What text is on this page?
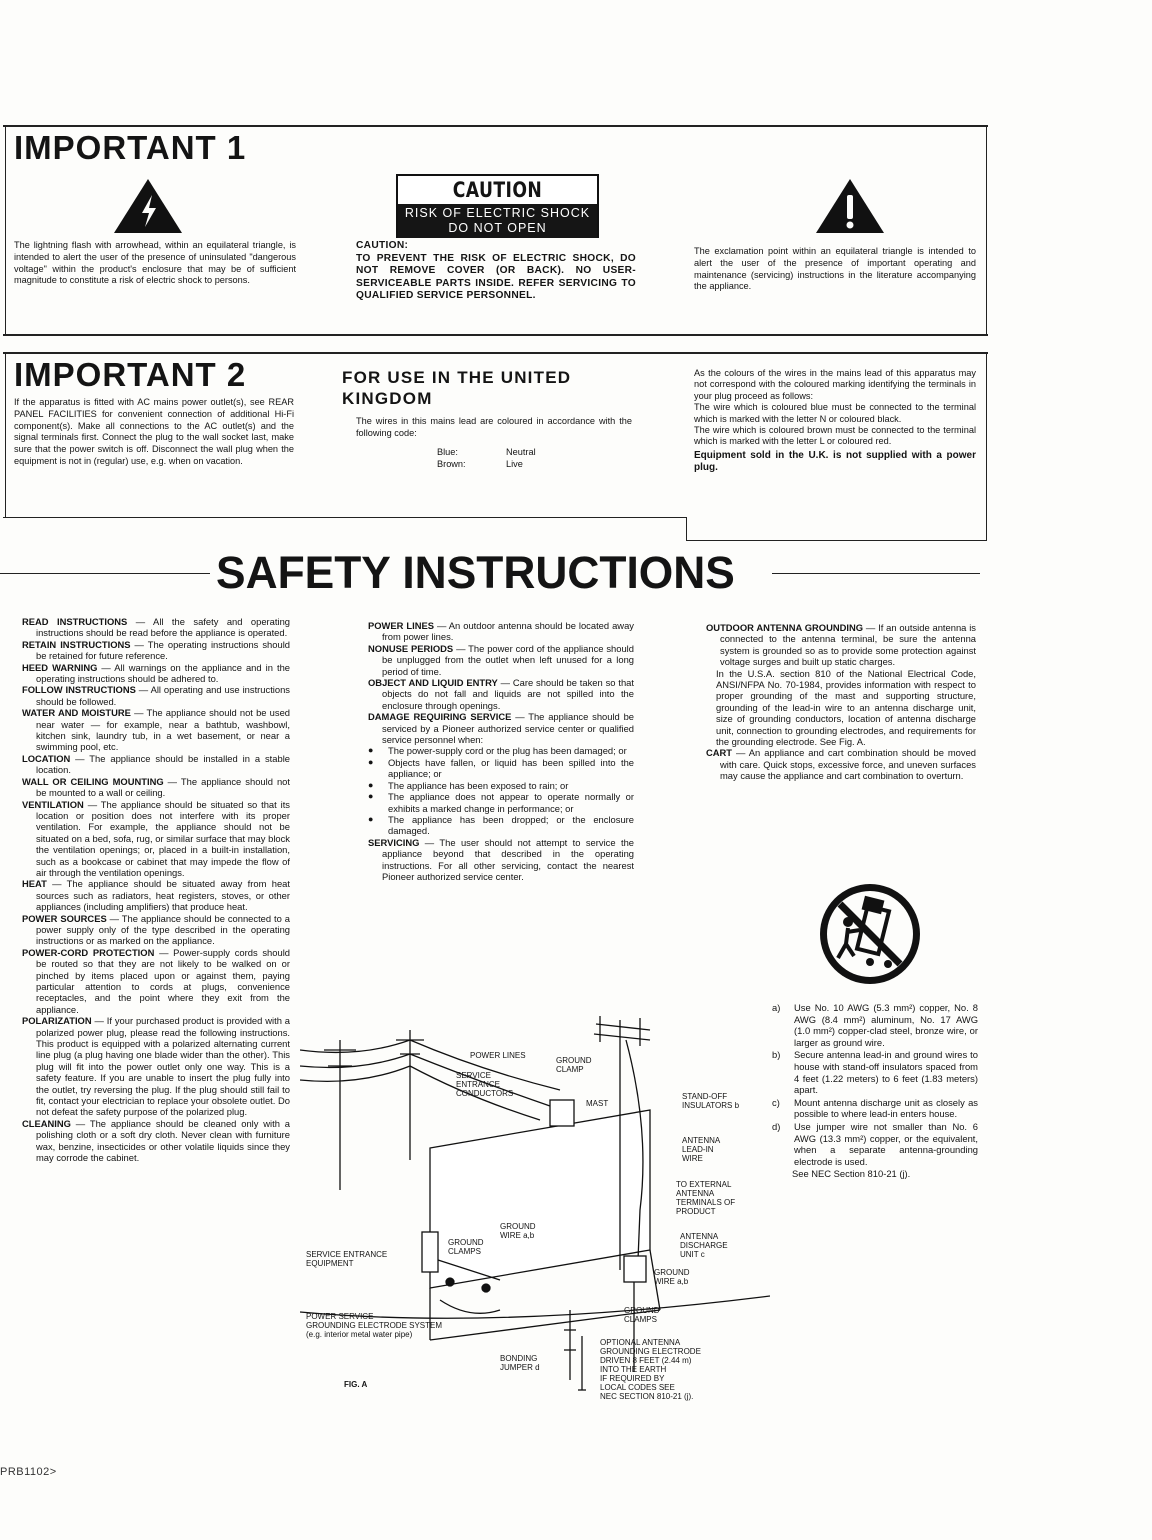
IMPORTANT 1
The lightning flash with arrowhead, within an equilateral triangle, is intended to alert the user of the presence of uninsulated "dangerous voltage" within the product's enclosure that may be of sufficient magnitude to constitute a risk of electric shock to persons.
CAUTION
RISK OF ELECTRIC SHOCK
DO NOT OPEN
CAUTION:
TO PREVENT THE RISK OF ELECTRIC SHOCK, DO NOT REMOVE COVER (OR BACK). NO USER-SERVICEABLE PARTS INSIDE. REFER SERVICING TO QUALIFIED SERVICE PERSONNEL.
The exclamation point within an equilateral triangle is intended to alert the user of the presence of important operating and maintenance (servicing) instructions in the literature accompanying the appliance.
IMPORTANT 2
If the apparatus is fitted with AC mains power outlet(s), see REAR PANEL FACILITIES for convenient connection of additional Hi-Fi component(s). Make all connections to the AC outlet(s) and the signal terminals first. Connect the plug to the wall socket last, make sure that the power switch is off. Disconnect the wall plug when the equipment is not in (regular) use, e.g. when on vacation.
FOR USE IN THE UNITED
KINGDOM
The wires in this mains lead are coloured in accordance with the following code:
Blue:	Neutral
Brown:	Live

As the colours of the wires in the mains lead of this apparatus may not correspond with the coloured marking identifying the terminals in your plug proceed as follows:

The wire which is coloured blue must be connected to the terminal which is marked with the letter N or coloured black.

The wire which is coloured brown must be connected to the terminal which is marked with the letter L or coloured red.

Equipment sold in the U.K. is not supplied with a power plug.

SAFETY INSTRUCTIONS

READ INSTRUCTIONS — All the safety and operating instructions should be read before the appliance is operated.

RETAIN INSTRUCTIONS — The operating instructions should be retained for future reference.

HEED WARNING — All warnings on the appliance and in the operating instructions should be adhered to.

FOLLOW INSTRUCTIONS — All operating and use instructions should be followed.

WATER AND MOISTURE — The appliance should not be used near water — for example, near a bathtub, washbowl, kitchen sink, laundry tub, in a wet basement, or near a swimming pool, etc.

LOCATION — The appliance should be installed in a stable location.

WALL OR CEILING MOUNTING — The appliance should not be mounted to a wall or ceiling.

VENTILATION — The appliance should be situated so that its location or position does not interfere with its proper ventilation. For example, the appliance should not be situated on a bed, sofa, rug, or similar surface that may block the ventilation openings; or, placed in a built-in installation, such as a bookcase or cabinet that may impede the flow of air through the ventilation openings.

HEAT — The appliance should be situated away from heat sources such as radiators, heat registers, stoves, or other appliances (including amplifiers) that produce heat.

POWER SOURCES — The appliance should be connected to a power supply only of the type described in the operating instructions or as marked on the appliance.

POWER-CORD PROTECTION — Power-supply cords should be routed so that they are not likely to be walked on or pinched by items placed upon or against them, paying particular attention to cords at plugs, convenience receptacles, and the point where they exit from the appliance.

POLARIZATION — If your purchased product is provided with a polarized power plug, please read the following instructions. This product is equipped with a polarized alternating current line plug (a plug having one blade wider than the other). This plug will fit into the power outlet only one way. This is a safety feature. If you are unable to insert the plug fully into the outlet, try reversing the plug. If the plug should still fail to fit, contact your electrician to replace your obsolete outlet. Do not defeat the safety purpose of the polarized plug.

CLEANING — The appliance should be cleaned only with a polishing cloth or a soft dry cloth. Never clean with furniture wax, benzine, insecticides or other volatile liquids since they may corrode the cabinet.

POWER LINES — An outdoor antenna should be located away from power lines.

NONUSE PERIODS — The power cord of the appliance should be unplugged from the outlet when left unused for a long period of time.

OBJECT AND LIQUID ENTRY — Care should be taken so that objects do not fall and liquids are not spilled into the enclosure through openings.

DAMAGE REQUIRING SERVICE — The appliance should be serviced by a Pioneer authorized service center or qualified service personnel when:

● The power-supply cord or the plug has been damaged; or
● Objects have fallen, or liquid has been spilled into the appliance; or
● The appliance has been exposed to rain; or
● The appliance does not appear to operate normally or exhibits a marked change in performance; or
● The appliance has been dropped; or the enclosure damaged.

SERVICING — The user should not attempt to service the appliance beyond that described in the operating instructions. For all other servicing, contact the nearest Pioneer authorized service center.

OUTDOOR ANTENNA GROUNDING — If an outside antenna is connected to the antenna terminal, be sure the antenna system is grounded so as to provide some protection against voltage surges and built up static charges.

In the U.S.A. section 810 of the National Electrical Code, ANSI/NFPA No. 70-1984, provides information with respect to proper grounding of the mast and supporting structure, grounding of the lead-in wire to an antenna discharge unit, size of grounding conductors, location of antenna discharge unit, connection to grounding electrodes, and requirements for the grounding electrode. See Fig. A.

CART — An appliance and cart combination should be moved with care. Quick stops, excessive force, and uneven surfaces may cause the appliance and cart combination to overturn.

a) Use No. 10 AWG (5.3 mm²) copper, No. 8 AWG (8.4 mm²) aluminum, No. 17 AWG (1.0 mm²) copper-clad steel, bronze wire, or larger as ground wire.
b) Secure antenna lead-in and ground wires to house with stand-off insulators spaced from 4 feet (1.22 meters) to 6 feet (1.83 meters) apart.
c) Mount antenna discharge unit as closely as possible to where lead-in enters house.
d) Use jumper wire not smaller than No. 6 AWG (13.3 mm²) copper, or the equivalent, when a separate antenna-grounding electrode is used.
See NEC Section 810-21 (j).
POWER LINES
GROUND
CLAMP
SERVICE
ENTRANCE
CONDUCTORS
MAST
STAND-OFF
INSULATORS b
ANTENNA
LEAD-IN
WIRE
TO EXTERNAL
ANTENNA
TERMINALS OF
PRODUCT
GROUND
WIRE a,b
GROUND
CLAMPS
SERVICE ENTRANCE
EQUIPMENT
ANTENNA
DISCHARGE
UNIT c
GROUND
WIRE a,b
GROUND
CLAMPS
POWER SERVICE
GROUNDING ELECTRODE SYSTEM
(e.g. interior metal water pipe)
BONDING
JUMPER d
OPTIONAL ANTENNA
GROUNDING ELECTRODE
DRIVEN 8 FEET (2.44 m)
INTO THE EARTH
IF REQUIRED BY
LOCAL CODES SEE
NEC SECTION 810-21 (j).
FIG. A
PRB1102>
